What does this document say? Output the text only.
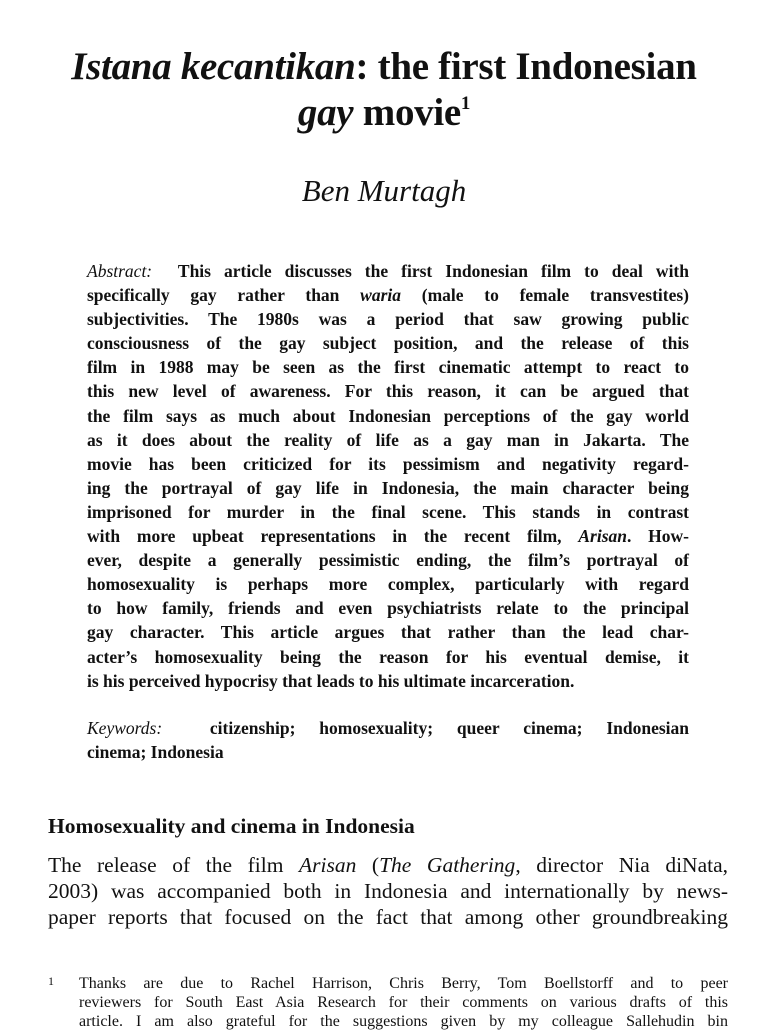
Istana kecantikan: the first Indonesian
gay movie$^1$
Ben Murtagh
Abstract: This article discusses the first Indonesian film to deal with
specifically gay rather than waria (male to female transvestites)
subjectivities. The 1980s was a period that saw growing public
consciousness of the gay subject position, and the release of this
film in 1988 may be seen as the first cinematic attempt to react to
this new level of awareness. For this reason, it can be argued that
the film says as much about Indonesian perceptions of the gay world
as it does about the reality of life as a gay man in Jakarta. The
movie has been criticized for its pessimism and negativity regard-
ing the portrayal of gay life in Indonesia, the main character being
imprisoned for murder in the final scene. This stands in contrast
with more upbeat representations in the recent film, Arisan. How-
ever, despite a generally pessimistic ending, the film’s portrayal of
homosexuality is perhaps more complex, particularly with regard
to how family, friends and even psychiatrists relate to the principal
gay character. This article argues that rather than the lead char-
acter’s homosexuality being the reason for his eventual demise, it
is his perceived hypocrisy that leads to his ultimate incarceration.
Keywords:	citizenship; homosexuality; queer cinema; Indonesian
cinema; Indonesia
Homosexuality and cinema in Indonesia
The release of the film Arisan (The Gathering, director Nia diNata,
2003) was accompanied both in Indonesia and internationally by news-
paper reports that focused on the fact that among other groundbreaking
1 Thanks are due to Rachel Harrison, Chris Berry, Tom Boellstorff and to peer
reviewers for South East Asia Research for their comments on various drafts of this
article. I am also grateful for the suggestions given by my colleague Sallehudin bin
